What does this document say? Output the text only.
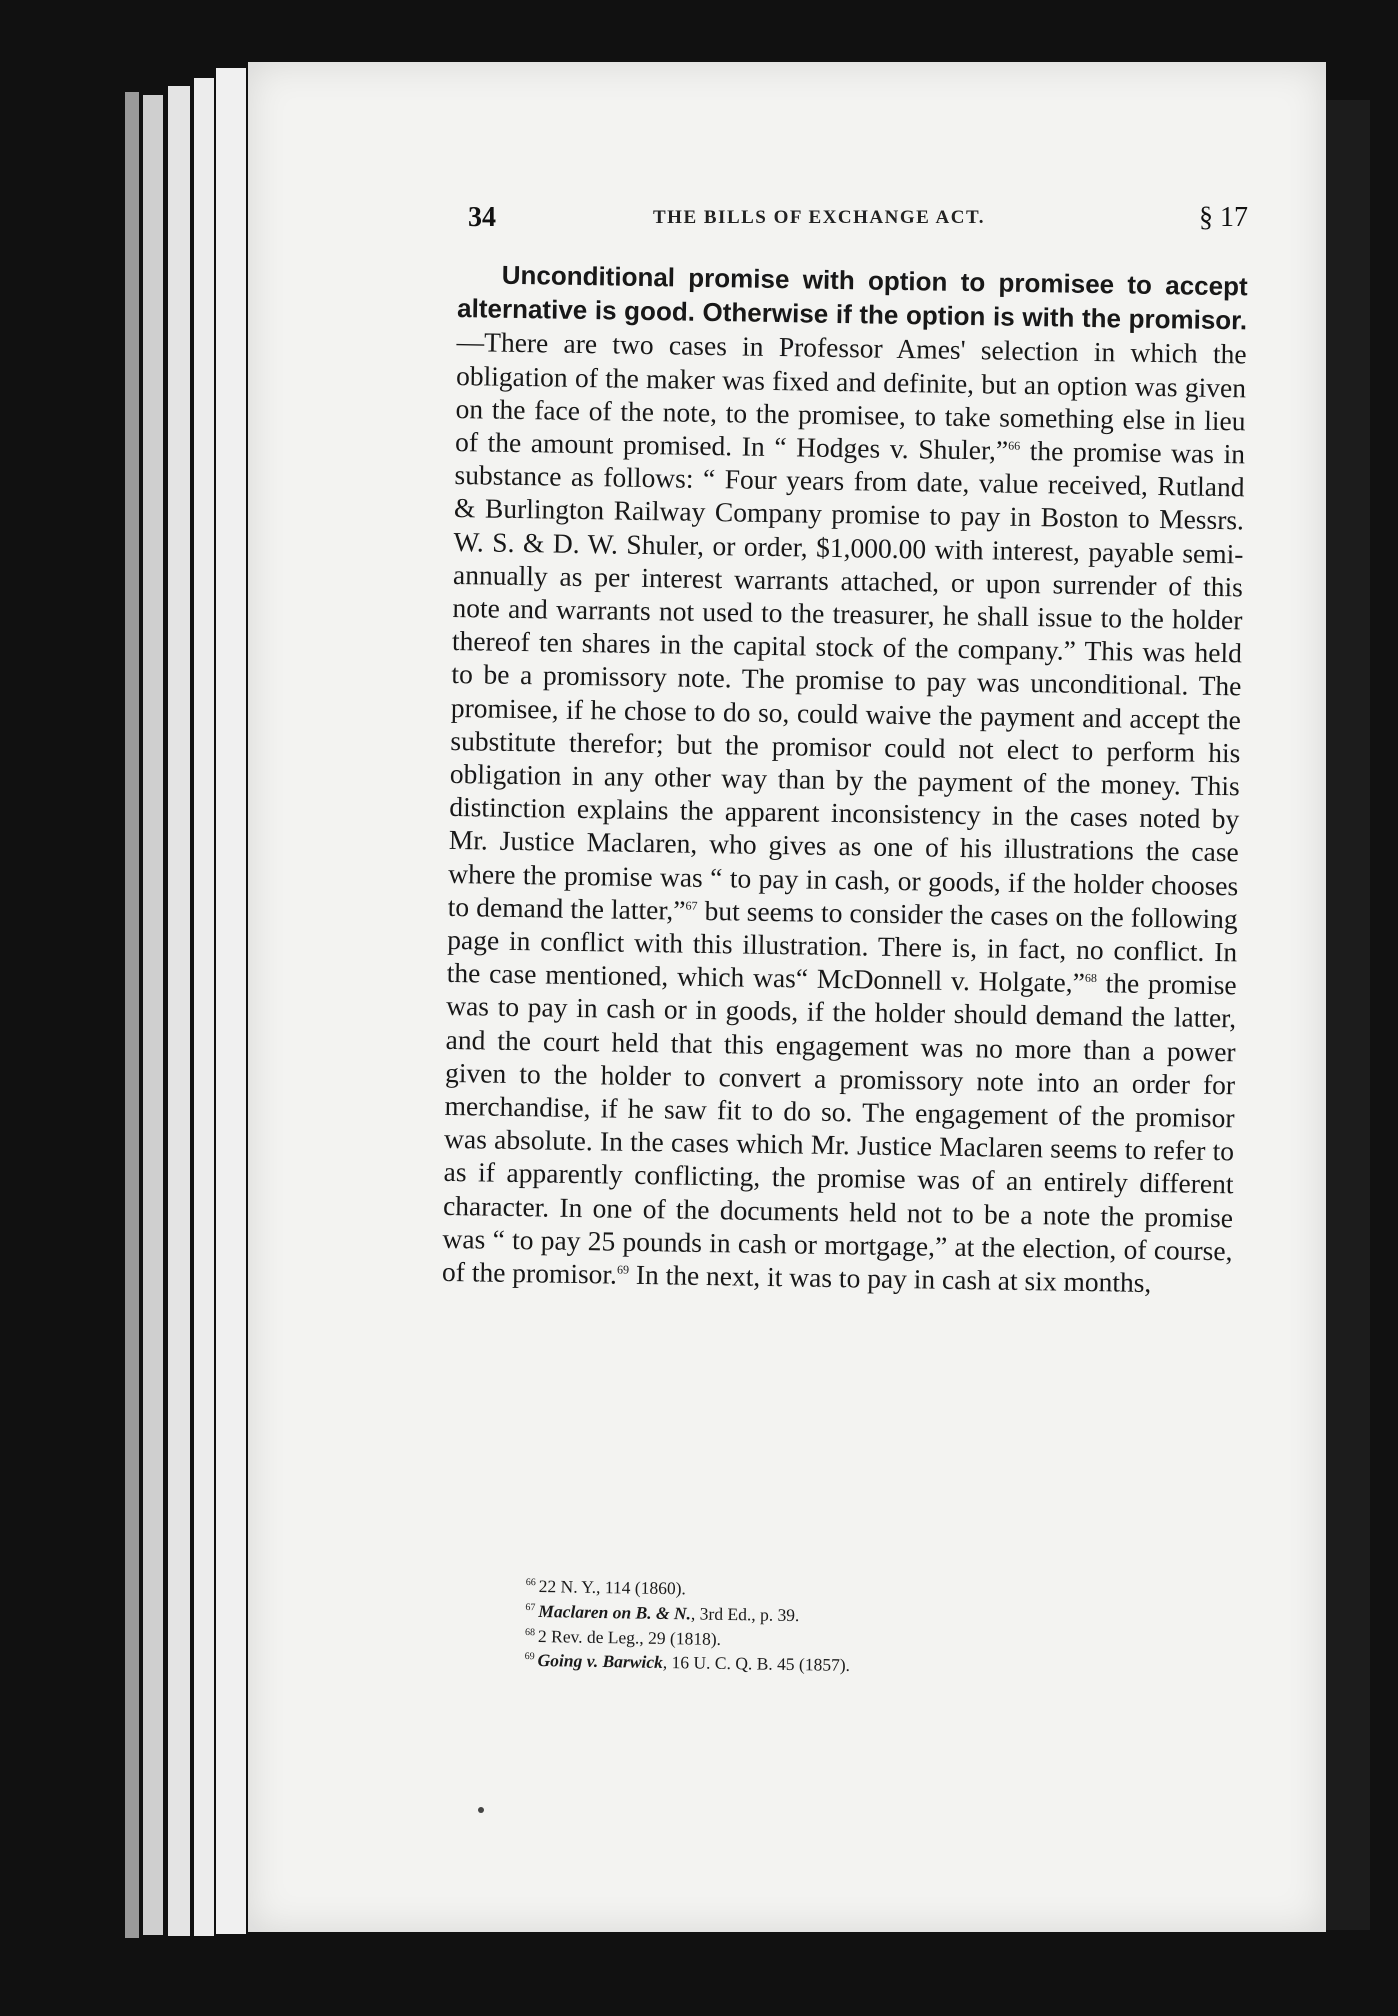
34	THE BILLS OF EXCHANGE ACT.	§ 17

Unconditional promise with option to promisee to accept alternative is good. Otherwise if the option is with the promisor.—There are two cases in Professor Ames' selection in which the obligation of the maker was fixed and definite, but an option was given on the face of the note, to the promisee, to take something else in lieu of the amount promised. In “ Hodges v. Shuler,”$^{66}$ the promise was in substance as follows: “ Four years from date, value received, Rutland & Burlington Railway Company promise to pay in Boston to Messrs. W. S. & D. W. Shuler, or order, $1,000.00 with interest, payable semi-annually as per interest warrants attached, or upon surrender of this note and warrants not used to the treasurer, he shall issue to the holder thereof ten shares in the capital stock of the company.” This was held to be a promissory note. The promise to pay was unconditional. The promisee, if he chose to do so, could waive the payment and accept the substitute therefor; but the promisor could not elect to perform his obligation in any other way than by the payment of the money. This distinction explains the apparent inconsistency in the cases noted by Mr. Justice Maclaren, who gives as one of his illustrations the case where the promise was “ to pay in cash, or goods, if the holder chooses to demand the latter,”$^{67}$ but seems to consider the cases on the following page in conflict with this illustration. There is, in fact, no conflict. In the case mentioned, which was“ McDonnell v. Holgate,”$^{68}$ the promise was to pay in cash or in goods, if the holder should demand the latter, and the court held that this engagement was no more than a power given to the holder to convert a promissory note into an order for merchandise, if he saw fit to do so. The engagement of the promisor was absolute. In the cases which Mr. Justice Maclaren seems to refer to as if apparently conflicting, the promise was of an entirely different character. In one of the documents held not to be a note the promise was “ to pay 25 pounds in cash or mortgage,” at the election, of course, of the promisor.$^{69}$ In the next, it was to pay in cash at six months,

$^{66}$ 22 N. Y., 114 (1860).
$^{67}$ Maclaren on B. & N., 3rd Ed., p. 39.
$^{68}$ 2 Rev. de Leg., 29 (1818).
$^{69}$ Going v. Barwick, 16 U. C. Q. B. 45 (1857).
